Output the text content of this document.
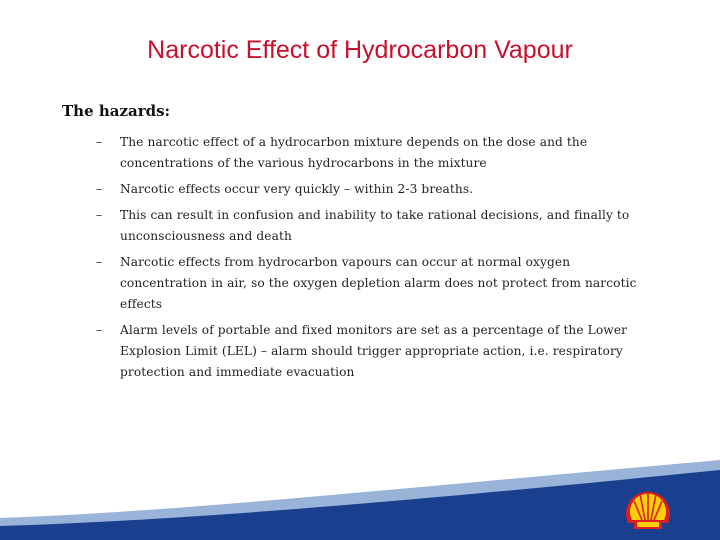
Narcotic Effect of Hydrocarbon Vapour
The hazards:
– The narcotic effect of a hydrocarbon mixture depends on the dose and the concentrations of the various hydrocarbons in the mixture
– Narcotic effects occur very quickly – within 2-3 breaths.
– This can result in confusion and inability to take rational decisions, and finally to unconsciousness and death
– Narcotic effects from hydrocarbon vapours can occur at normal oxygen concentration in air, so the oxygen depletion alarm does not protect from narcotic effects
– Alarm levels of portable and fixed monitors are set as a percentage of the Lower Explosion Limit (LEL) – alarm should trigger appropriate action, i.e. respiratory protection and immediate evacuation
